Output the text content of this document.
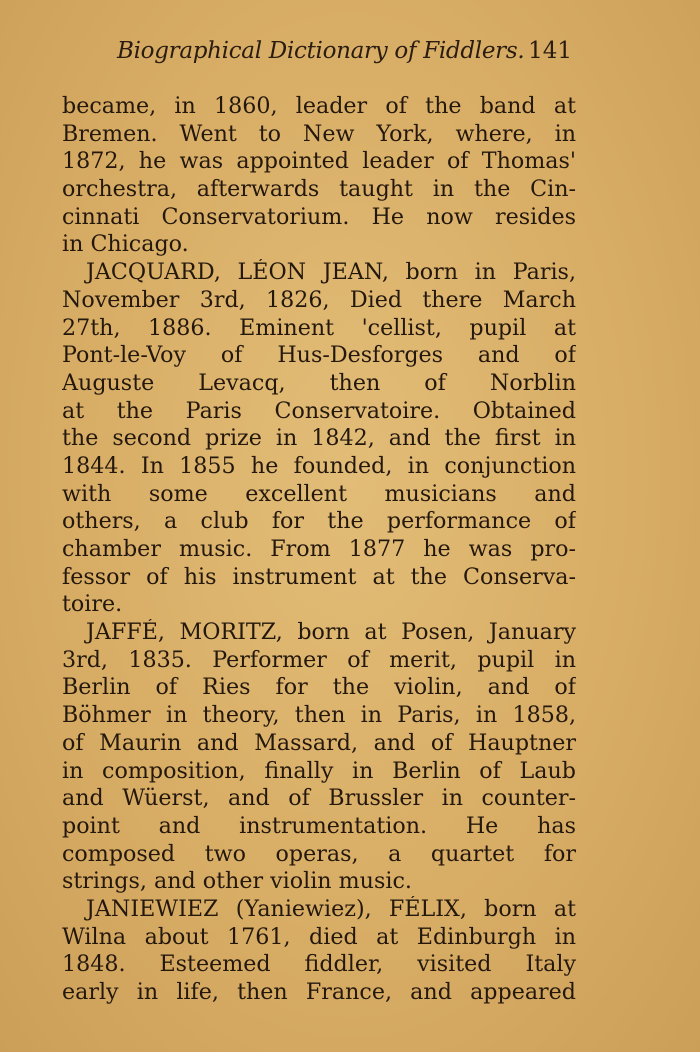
Biographical Dictionary of Fiddlers. 141
became, in 1860, leader of the band at
Bremen. Went to New York, where, in
1872, he was appointed leader of Thomas'
orchestra, afterwards taught in the Cin-
cinnati Conservatorium. He now resides
in Chicago.
JACQUARD, LÉON JEAN, born in Paris,
November 3rd, 1826, Died there March
27th, 1886. Eminent 'cellist, pupil at
Pont-le-Voy of Hus-Desforges and of
Auguste Levacq, then of Norblin
at the Paris Conservatoire. Obtained
the second prize in 1842, and the first in
1844. In 1855 he founded, in conjunction
with some excellent musicians and
others, a club for the performance of
chamber music. From 1877 he was pro-
fessor of his instrument at the Conserva-
toire.
JAFFÉ, MORITZ, born at Posen, January
3rd, 1835. Performer of merit, pupil in
Berlin of Ries for the violin, and of
Böhmer in theory, then in Paris, in 1858,
of Maurin and Massard, and of Hauptner
in composition, finally in Berlin of Laub
and Wüerst, and of Brussler in counter-
point and instrumentation. He has
composed two operas, a quartet for
strings, and other violin music.
JANIEWIEZ (Yaniewiez), FÉLIX, born at
Wilna about 1761, died at Edinburgh in
1848. Esteemed fiddler, visited Italy
early in life, then France, and appeared
